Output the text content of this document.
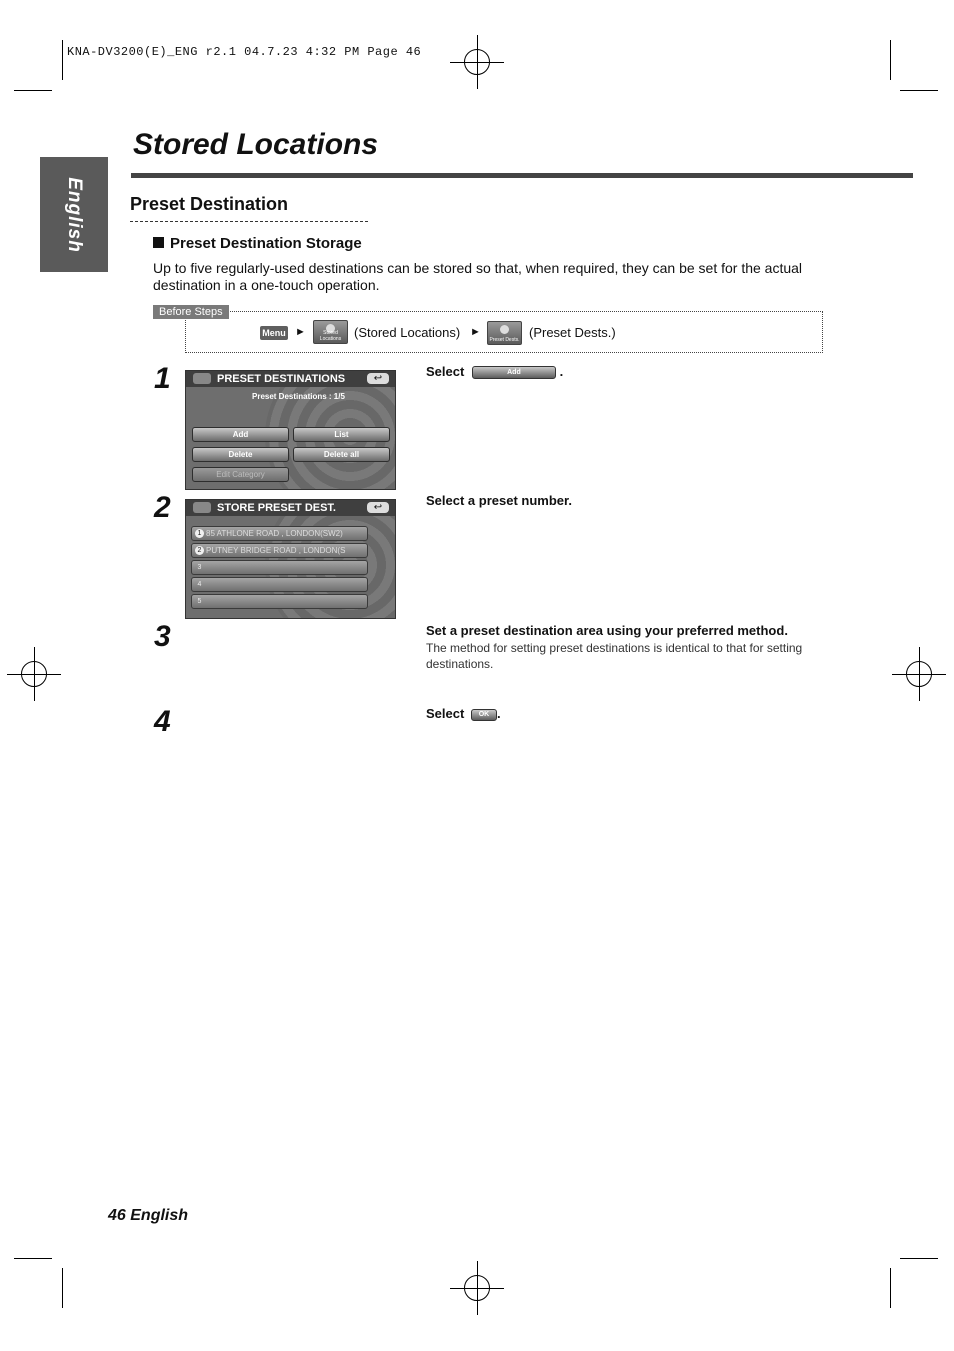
KNA-DV3200(E)_ENG r2.1 04.7.23 4:32 PM Page 46
English
Stored Locations
Preset Destination
Preset Destination Storage
Up to five regularly-used destinations can be stored so that, when required, they can be set for the actual destination in a one-touch operation.
Before Steps
Menu ►	Stored Locations (Stored Locations) ►
Preset Dests. (Preset Dests.)
1
2
3
4
PRESET DESTINATIONS	↩
Preset Destinations : 1/5
Add	List
Delete	Delete all
Edit Category
STORE PRESET DEST.	↩
1 85 ATHLONE ROAD , LONDON(SW2)
2 PUTNEY BRIDGE ROAD , LONDON(S
3
4
5
Select	Add	.
Select a preset number.
Set a preset destination area using your preferred method.
The method for setting preset destinations is identical to that for setting destinations.
Select OK .
46 English
